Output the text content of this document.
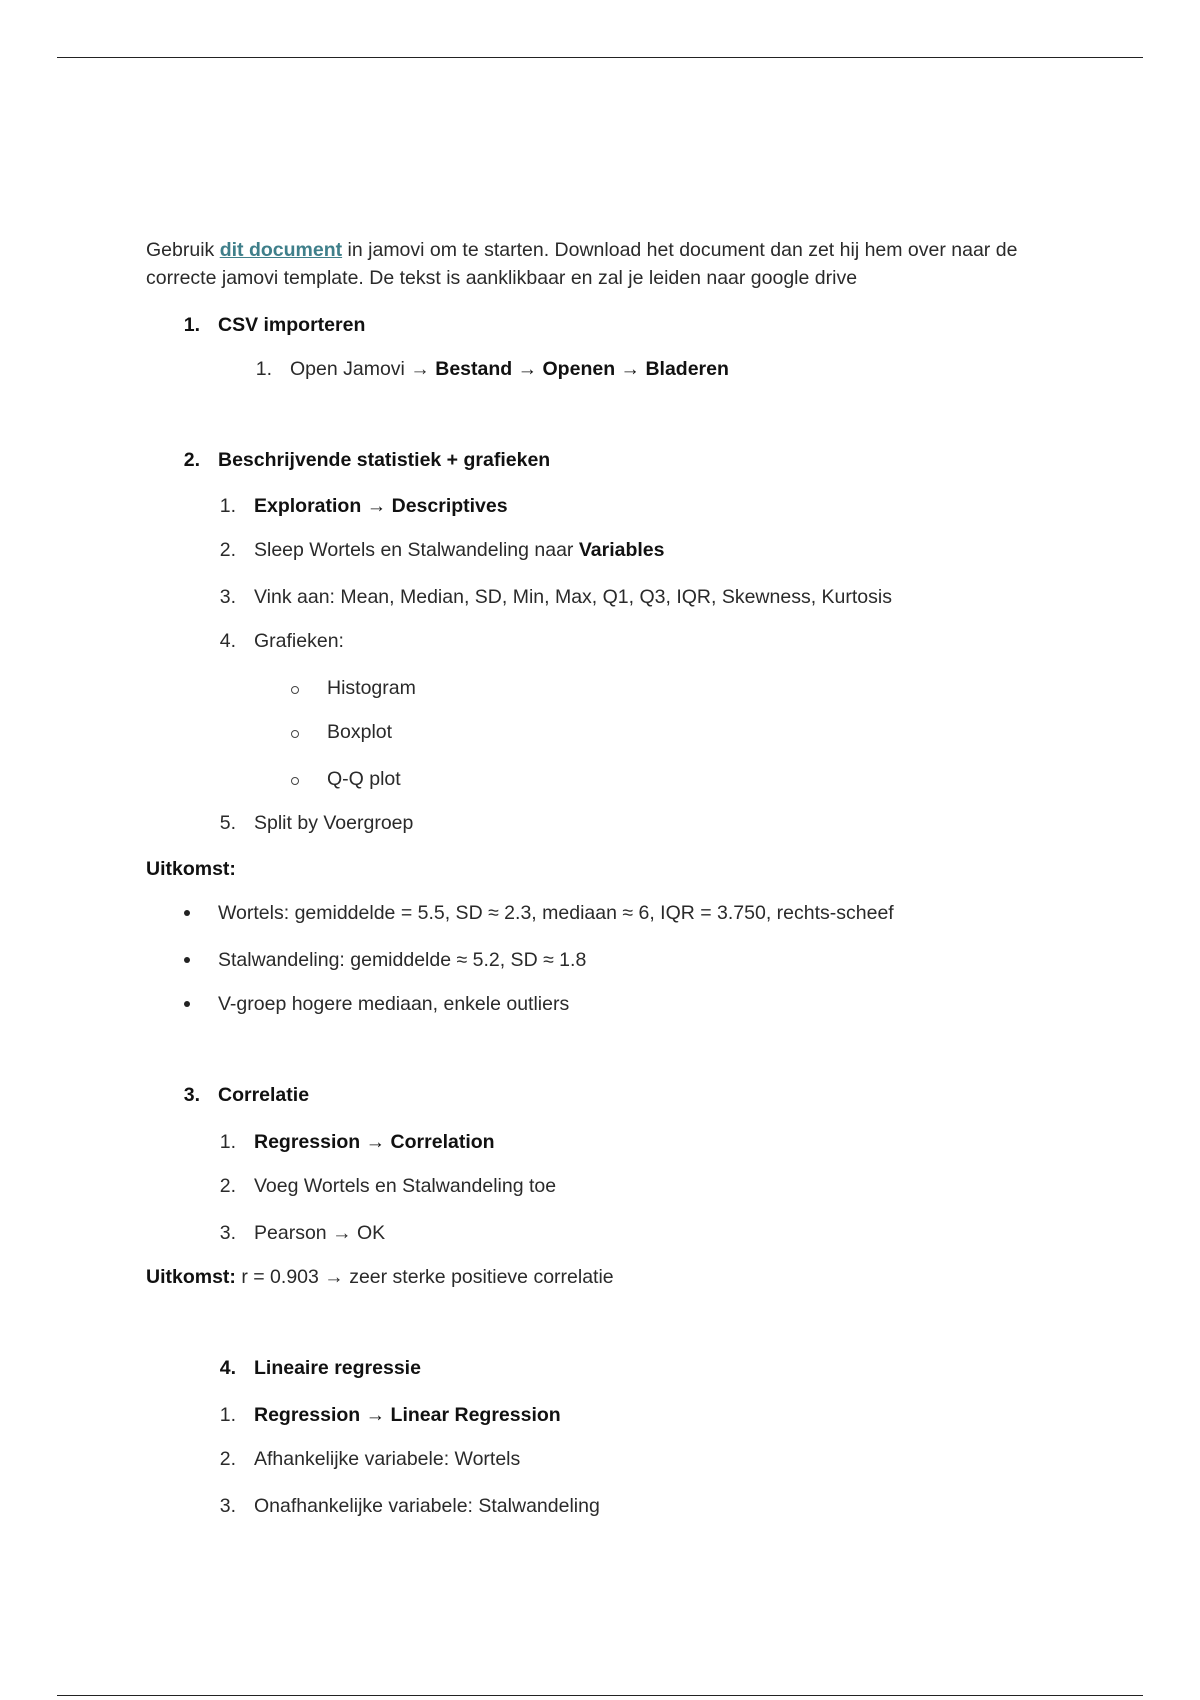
Gebruik dit document in jamovi om te starten. Download het document dan zet hij hem over naar de correcte jamovi template. De tekst is aanklikbaar en zal je leiden naar google drive
1. CSV importeren
1. Open Jamovi → Bestand → Openen → Bladeren
2. Beschrijvende statistiek + grafieken
1. Exploration → Descriptives
2. Sleep Wortels en Stalwandeling naar Variables
3. Vink aan: Mean, Median, SD, Min, Max, Q1, Q3, IQR, Skewness, Kurtosis
4. Grafieken:
Histogram
Boxplot
Q-Q plot
5. Split by Voergroep
Uitkomst:
Wortels: gemiddelde = 5.5, SD ≈ 2.3, mediaan ≈ 6, IQR = 3.750, rechts-scheef
Stalwandeling: gemiddelde ≈ 5.2, SD ≈ 1.8
V-groep hogere mediaan, enkele outliers
3. Correlatie
1. Regression → Correlation
2. Voeg Wortels en Stalwandeling toe
3. Pearson → OK
Uitkomst: r = 0.903 → zeer sterke positieve correlatie
4. Lineaire regressie
1. Regression → Linear Regression
2. Afhankelijke variabele: Wortels
3. Onafhankelijke variabele: Stalwandeling
